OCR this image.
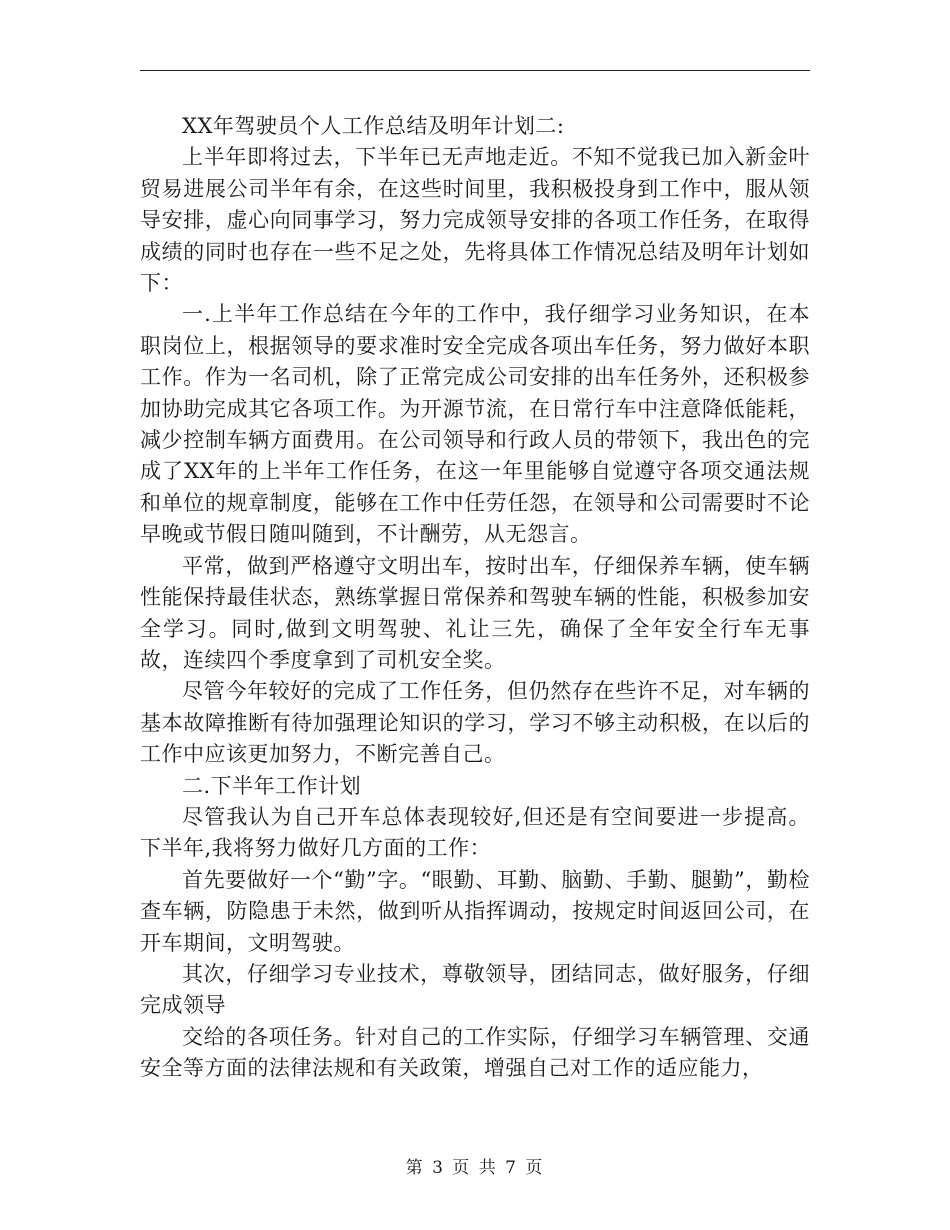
XX年驾驶员个人工作总结及明年计划二:

上半年即将过去，下半年已无声地走近。不知不觉我已加入新金叶贸易进展公司半年有余，在这些时间里，我积极投身到工作中，服从领导安排，虚心向同事学习，努力完成领导安排的各项工作任务，在取得成绩的同时也存在一些不足之处，先将具体工作情况总结及明年计划如下：

一.上半年工作总结在今年的工作中，我仔细学习业务知识，在本职岗位上，根据领导的要求准时安全完成各项出车任务，努力做好本职工作。作为一名司机，除了正常完成公司安排的出车任务外，还积极参加协助完成其它各项工作。为开源节流，在日常行车中注意降低能耗，减少控制车辆方面费用。在公司领导和行政人员的带领下，我出色的完成了XX年的上半年工作任务，在这一年里能够自觉遵守各项交通法规和单位的规章制度，能够在工作中任劳任怨，在领导和公司需要时不论早晚或节假日随叫随到，不计酬劳，从无怨言。

平常，做到严格遵守文明出车，按时出车，仔细保养车辆，使车辆性能保持最佳状态，熟练掌握日常保养和驾驶车辆的性能，积极参加安全学习。同时,做到文明驾驶、礼让三先，确保了全年安全行车无事故，连续四个季度拿到了司机安全奖。

尽管今年较好的完成了工作任务，但仍然存在些许不足，对车辆的基本故障推断有待加强理论知识的学习，学习不够主动积极，在以后的工作中应该更加努力，不断完善自己。

二.下半年工作计划

尽管我认为自己开车总体表现较好,但还是有空间要进一步提高。下半年,我将努力做好几方面的工作：

首先要做好一个“勤”字。“眼勤、耳勤、脑勤、手勤、腿勤”，勤检查车辆，防隐患于未然，做到听从指挥调动，按规定时间返回公司，在开车期间，文明驾驶。

其次，仔细学习专业技术，尊敬领导，团结同志，做好服务，仔细完成领导

交给的各项任务。针对自己的工作实际，仔细学习车辆管理、交通安全等方面的法律法规和有关政策，增强自己对工作的适应能力，

第 3 页 共 7 页
